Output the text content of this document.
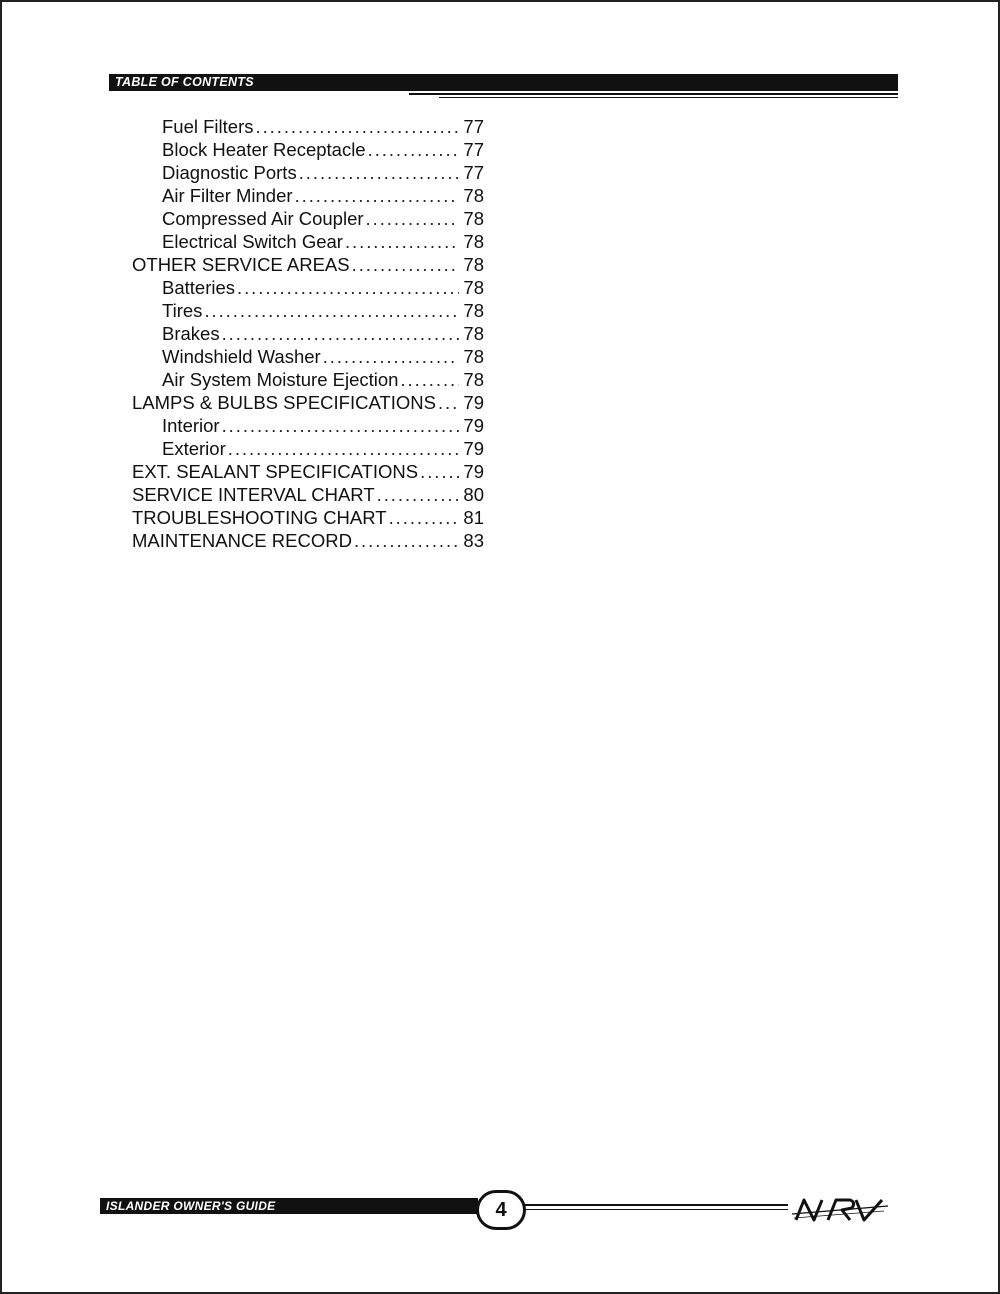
TABLE OF CONTENTS
Fuel Filters . . .	77
Block Heater Receptacle . . .	77
Diagnostic Ports . . .	77
Air Filter Minder . . .	78
Compressed Air Coupler . . .	78
Electrical Switch Gear . . .	78
OTHER SERVICE AREAS . . .	78
Batteries . . .	78
Tires . . .	78
Brakes . . .	78
Windshield Washer . . .	78
Air System Moisture Ejection . . .	78
LAMPS & BULBS SPECIFICATIONS . . . 79
Interior . . .	79
Exterior . . .	79
EXT. SEALANT SPECIFICATIONS . . . 79
SERVICE INTERVAL CHART . . .	80
TROUBLESHOOTING CHART . . .	81
MAINTENANCE RECORD . . .	83
ISLANDER OWNER'S GUIDE	4
